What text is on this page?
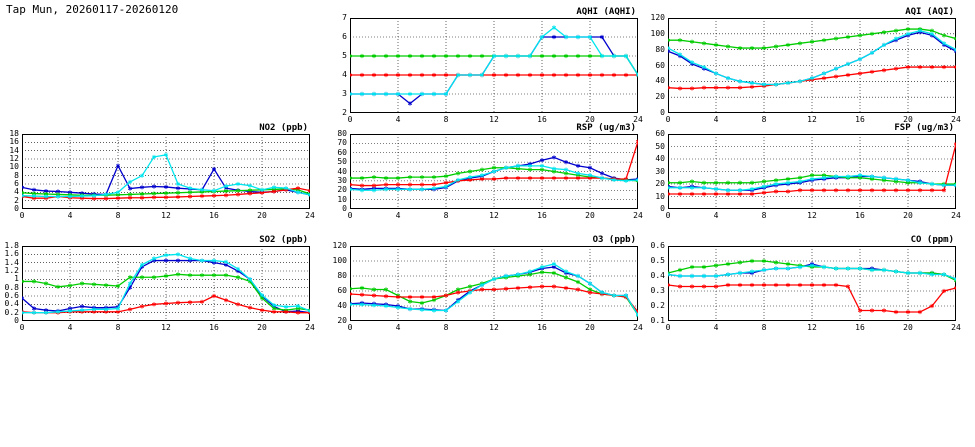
Tap Mun, 20260117-20260120
NO2 (ppb)
0
2
4
6
8
10
12
14
16
18
0	4	8	12	16	20	24
SO2 (ppb)
0
0.2
0.4
0.6
0.8
1
1.2
1.4
1.6
1.8
0	4	8	12	16	20	24
AQHI (AQHI)
2
3
4
5
6
7
0	4	8	12	16	20	24
RSP (ug/m3)
0
10
20
30
40
50
60
70
80
0	4	8	12	16	20	24
O3 (ppb)
20
40
60
80
100
120
0	4	8	12	16	20	24
AQI (AQI)
0
20
40
60
80
100
120
0	4	8	12	16	20	24
FSP (ug/m3)
0
10
20
30
40
50
60
0	4	8	12	16	20	24
CO (ppm)
0.1
0.2
0.3
0.4
0.5
0.6
0	4	8	12	16	20	24
